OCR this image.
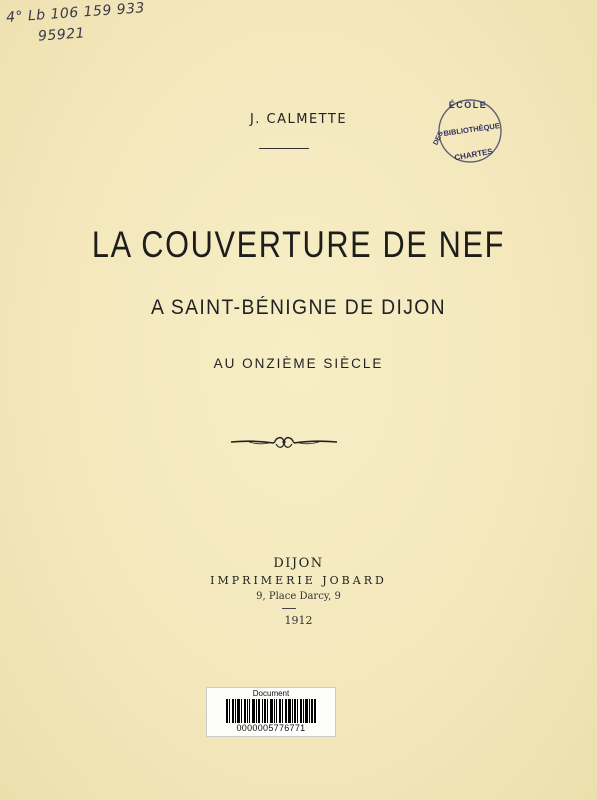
4° Lb 106 159 933
95921
ÉCOLE
BIBLIOTHÈQUE
DES
CHARTES
J. CALMETTE
LA COUVERTURE DE NEF
A SAINT-BÉNIGNE DE DIJON
AU ONZIÈME SIÈCLE
DIJON
IMPRIMERIE JOBARD
9, Place Darcy, 9
1912
Document
0000005776771
